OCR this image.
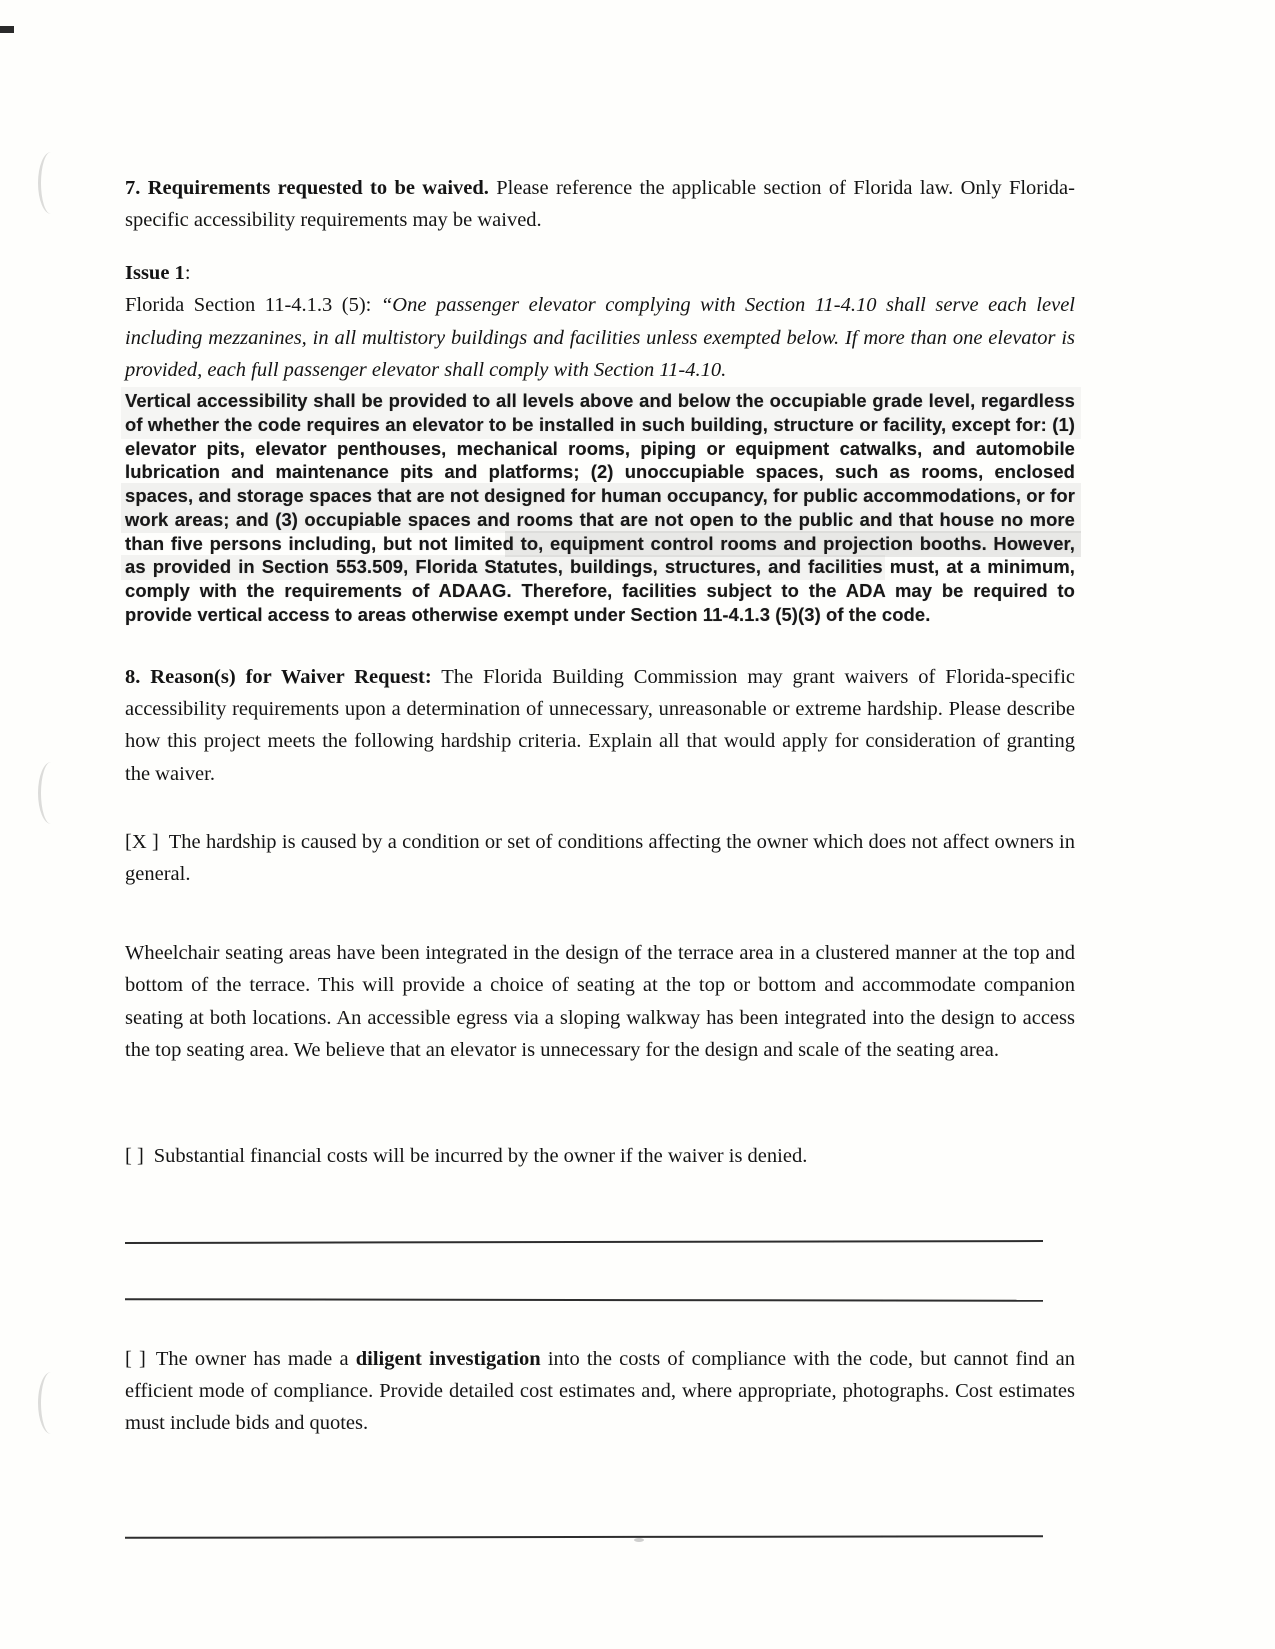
7. Requirements requested to be waived. Please reference the applicable section of Florida law. Only Florida-specific accessibility requirements may be waived.

Issue 1:

Florida Section 11-4.1.3 (5): “One passenger elevator complying with Section 11-4.10 shall serve each level including mezzanines, in all multistory buildings and facilities unless exempted below. If more than one elevator is provided, each full passenger elevator shall comply with Section 11-4.10.

Vertical accessibility shall be provided to all levels above and below the occupiable grade level, regardless of whether the code requires an elevator to be installed in such building, structure or facility, except for: (1) elevator pits, elevator penthouses, mechanical rooms, piping or equipment catwalks, and automobile lubrication and maintenance pits and platforms; (2) unoccupiable spaces, such as rooms, enclosed spaces, and storage spaces that are not designed for human occupancy, for public accommodations, or for work areas; and (3) occupiable spaces and rooms that are not open to the public and that house no more than five persons including, but not limited to, equipment control rooms and projection booths. However, as provided in Section 553.509, Florida Statutes, buildings, structures, and facilities must, at a minimum, comply with the requirements of ADAAG. Therefore, facilities subject to the ADA may be required to provide vertical access to areas otherwise exempt under Section 11-4.1.3 (5)(3) of the code.

8. Reason(s) for Waiver Request: The Florida Building Commission may grant waivers of Florida-specific accessibility requirements upon a determination of unnecessary, unreasonable or extreme hardship. Please describe how this project meets the following hardship criteria. Explain all that would apply for consideration of granting the waiver.

[X ] The hardship is caused by a condition or set of conditions affecting the owner which does not affect owners in general.

Wheelchair seating areas have been integrated in the design of the terrace area in a clustered manner at the top and bottom of the terrace. This will provide a choice of seating at the top or bottom and accommodate companion seating at both locations. An accessible egress via a sloping walkway has been integrated into the design to access the top seating area. We believe that an elevator is unnecessary for the design and scale of the seating area.

[ ] Substantial financial costs will be incurred by the owner if the waiver is denied.

[ ] The owner has made a diligent investigation into the costs of compliance with the code, but cannot find an efficient mode of compliance. Provide detailed cost estimates and, where appropriate, photographs. Cost estimates must include bids and quotes.
